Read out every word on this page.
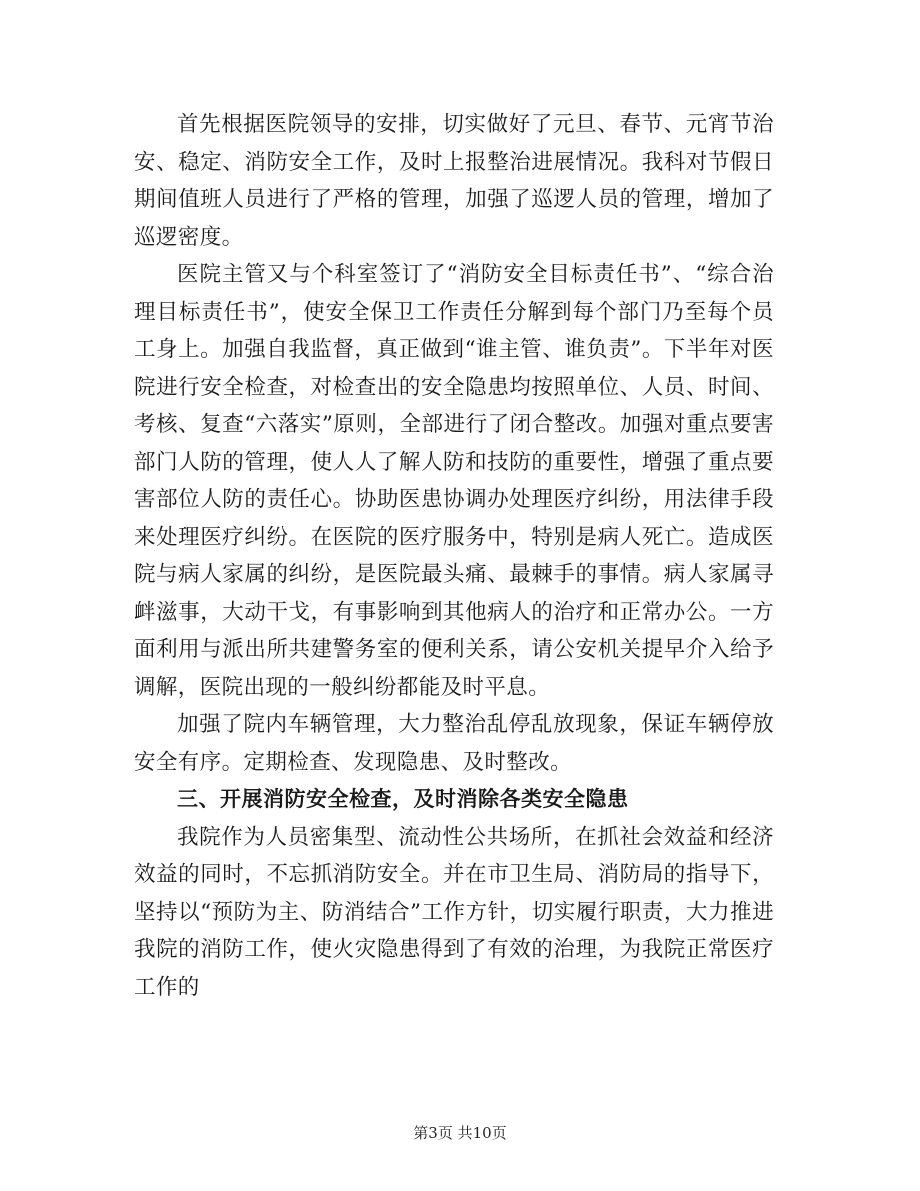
首先根据医院领导的安排，切实做好了元旦、春节、元宵节治安、稳定、消防安全工作，及时上报整治进展情况。我科对节假日期间值班人员进行了严格的管理，加强了巡逻人员的管理，增加了巡逻密度。

医院主管又与个科室签订了“消防安全目标责任书”、“综合治理目标责任书”，使安全保卫工作责任分解到每个部门乃至每个员工身上。加强自我监督，真正做到“谁主管、谁负责”。下半年对医院进行安全检查，对检查出的安全隐患均按照单位、人员、时间、考核、复查“六落实”原则，全部进行了闭合整改。加强对重点要害部门人防的管理，使人人了解人防和技防的重要性，增强了重点要害部位人防的责任心。协助医患协调办处理医疗纠纷，用法律手段来处理医疗纠纷。在医院的医疗服务中，特别是病人死亡。造成医院与病人家属的纠纷，是医院最头痛、最棘手的事情。病人家属寻衅滋事，大动干戈，有事影响到其他病人的治疗和正常办公。一方面利用与派出所共建警务室的便利关系，请公安机关提早介入给予调解，医院出现的一般纠纷都能及时平息。

加强了院内车辆管理，大力整治乱停乱放现象，保证车辆停放安全有序。定期检查、发现隐患、及时整改。

三、开展消防安全检查，及时消除各类安全隐患

我院作为人员密集型、流动性公共场所，在抓社会效益和经济效益的同时，不忘抓消防安全。并在市卫生局、消防局的指导下，坚持以“预防为主、防消结合”工作方针，切实履行职责，大力推进我院的消防工作，使火灾隐患得到了有效的治理，为我院正常医疗工作的

第3页 共10页
